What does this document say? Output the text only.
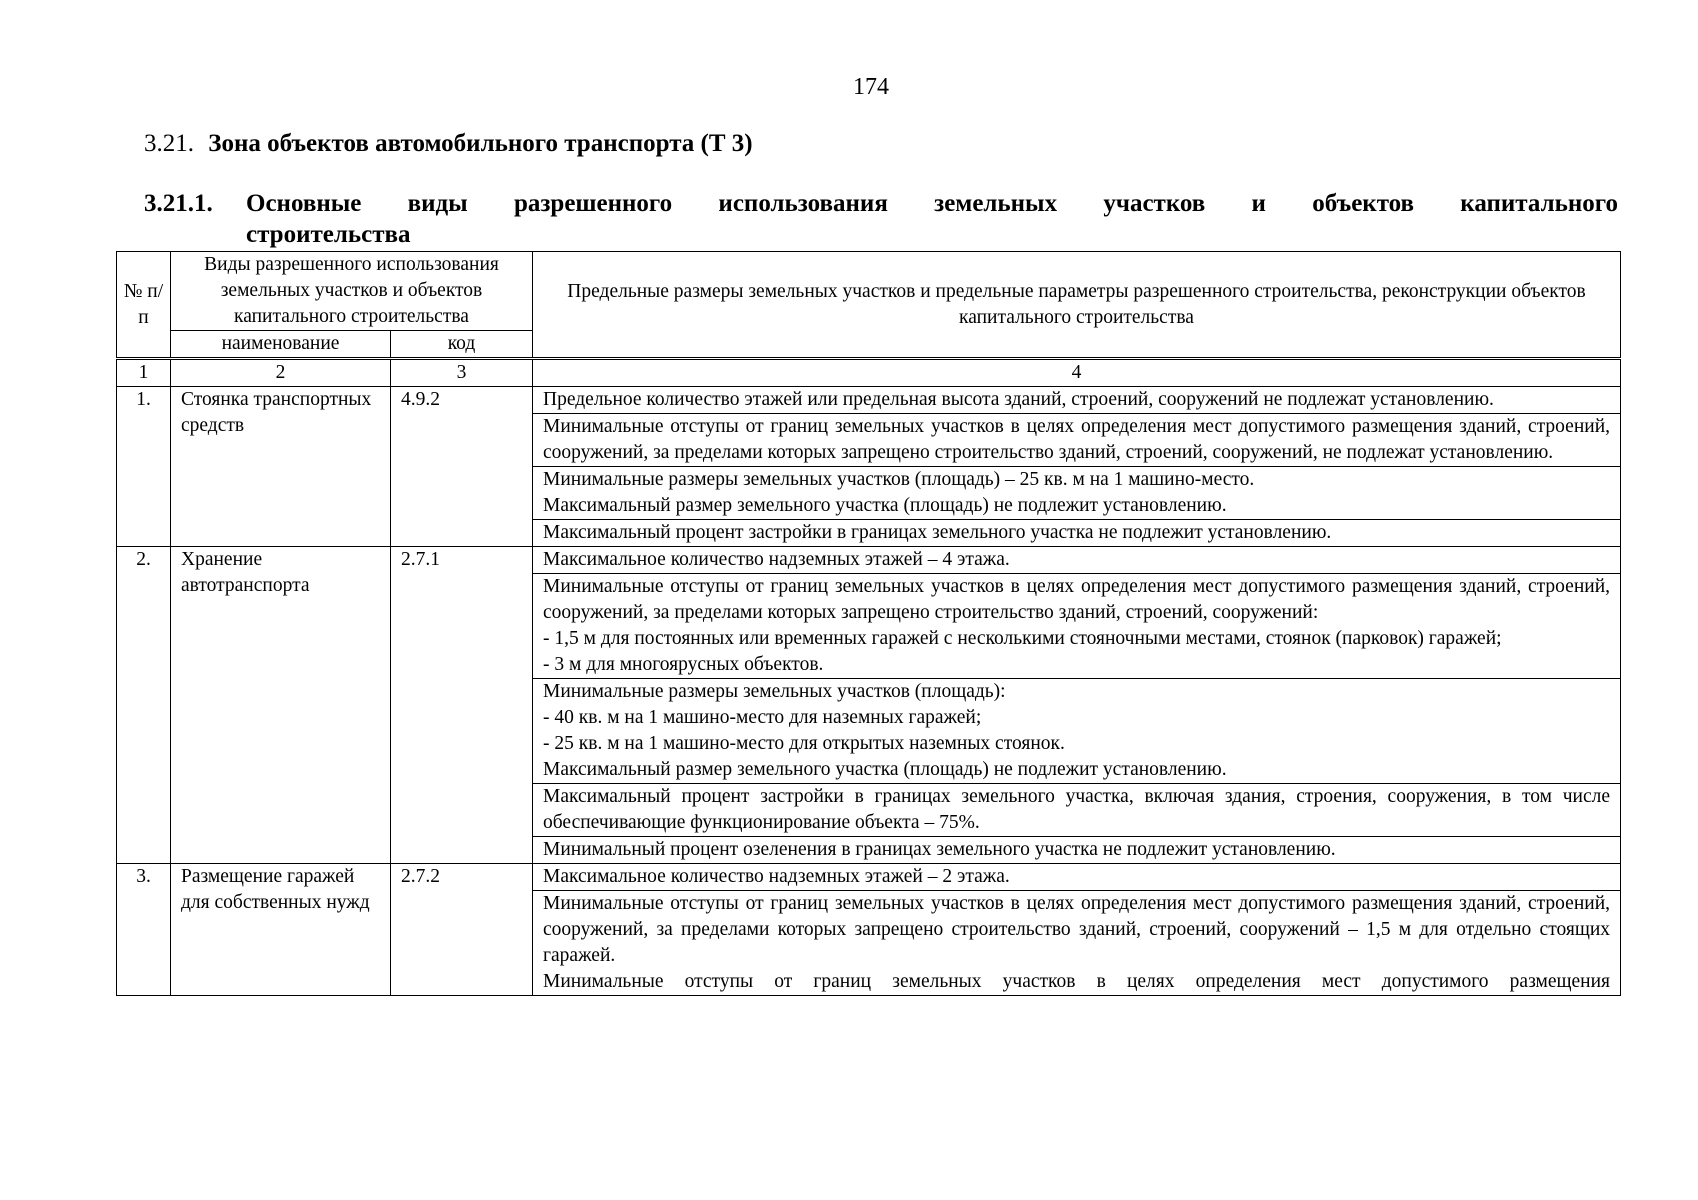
174
3.21. Зона объектов автомобильного транспорта (Т 3)
3.21.1. Основные виды разрешенного использования земельных участков и объектов капитального
строительства
№ п/п	Виды разрешенного использования земельных участков и объектов капитального строительства		Предельные размеры земельных участков и предельные параметры разрешенного строительства, реконструкции объектов капитального строительства
	наименование	код	
1	2	3	4
1.	Стоянка транспортных средств	4.9.2	Предельное количество этажей или предельная высота зданий, строений, сооружений не подлежат установлению.

			Минимальные отступы от границ земельных участков в целях определения мест допустимого размещения зданий, строений, сооружений, за пределами которых запрещено строительство зданий, строений, сооружений, не подлежат установлению.

			Минимальные размеры земельных участков (площадь) – 25 кв. м на 1 машино-место.
Максимальный размер земельного участка (площадь) не подлежит установлению.

			Максимальный процент застройки в границах земельного участка не подлежит установлению.

2.	Хранение автотранспорта	2.7.1	Максимальное количество надземных этажей – 4 этажа.

			Минимальные отступы от границ земельных участков в целях определения мест допустимого размещения зданий, строений, сооружений, за пределами которых запрещено строительство зданий, строений, сооружений:
- 1,5 м для постоянных или временных гаражей с несколькими стояночными местами, стоянок (парковок) гаражей;
- 3 м для многоярусных объектов.

			Минимальные размеры земельных участков (площадь):
- 40 кв. м на 1 машино-место для наземных гаражей;
- 25 кв. м на 1 машино-место для открытых наземных стоянок.
Максимальный размер земельного участка (площадь) не подлежит установлению.

			Максимальный процент застройки в границах земельного участка, включая здания, строения, сооружения, в том числе обеспечивающие функционирование объекта – 75%.

			Минимальный процент озеленения в границах земельного участка не подлежит установлению.

3.	Размещение гаражей для собственных нужд	2.7.2	Максимальное количество надземных этажей – 2 этажа.

			Минимальные отступы от границ земельных участков в целях определения мест допустимого размещения зданий, строений, сооружений, за пределами которых запрещено строительство зданий, строений, сооружений – 1,5 м для отдельно стоящих гаражей.
Минимальные отступы от границ земельных участков в целях определения мест допустимого размещения
